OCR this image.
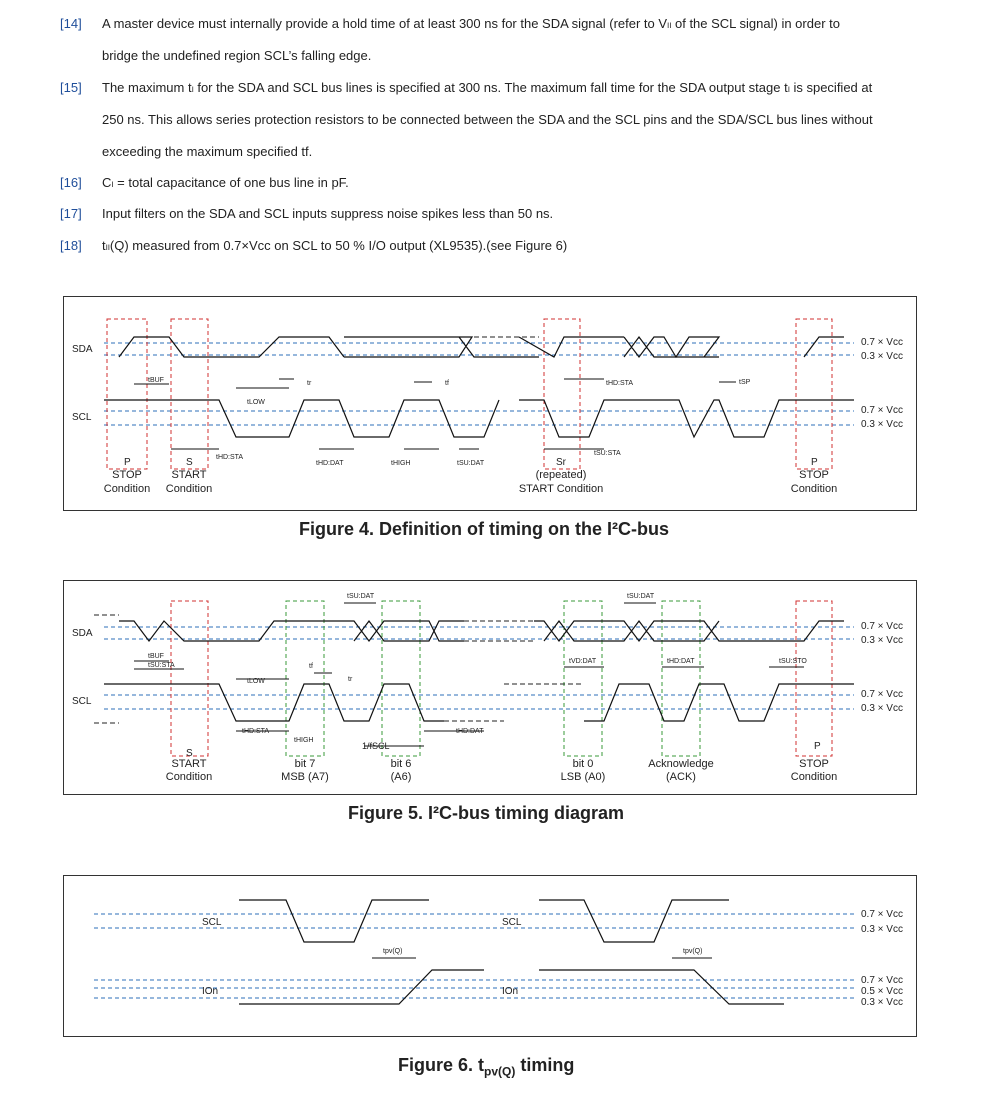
[14]	A master device must internally provide a hold time of at least 300 ns for the SDA signal (refer to Vₗₗ of the SCL signal) in order to
bridge the undefined region SCL’s falling edge.
[15]	The maximum tₗ for the SDA and SCL bus lines is specified at 300 ns. The maximum fall time for the SDA output stage tₗ is specified at
250 ns. This allows series protection resistors to be connected between the SDA and the SCL pins and the SDA/SCL bus lines without
exceeding the maximum specified tf.
[16]	Cₗ = total capacitance of one bus line in pF.
[17]	Input filters on the SDA and SCL inputs suppress noise spikes less than 50 ns.
[18]	tₗₗ(Q) measured from 0.7×Vcc on SCL to 50 % I/O output (XL9535).(see Figure 6)
SDA
SCL
0.7 × Vcc
0.3 × Vcc
0.7 × Vcc
0.3 × Vcc
tBUF
tLOW
tr	tf
tHD:STA
tSP
tHD:STA
tHD:DAT	tHIGH	tSU:DAT
tSU:STA
P	S	Sr	P
STOP
Condition
START
Condition
(repeated)
START Condition
STOP
Condition
Figure 4. Definition of timing on the I²C-bus
SDA
SCL
0.7 × Vcc
0.3 × Vcc
0.7 × Vcc
0.3 × Vcc
tSU:DAT	tSU:DAT
tBUF
tSU:STA
tLOW
tf
tr
tVD:DAT	tHD:DAT	tSU:STO
tHD:STA
tHIGH
1/fSCL
tHD:DAT
S
P
START
Condition
bit 7
MSB (A7)
bit 6
(A6)
bit 0
LSB (A0)
Acknowledge
(ACK)
STOP
Condition
Figure 5. I²C-bus timing diagram
SCL
IOn
SCL
IOn
0.7 × Vcc
0.3 × Vcc
0.7 × Vcc
0.5 × Vcc
0.3 × Vcc
tpv(Q)	tpv(Q)
Figure 6. $t_{pv(Q)}$ timing
